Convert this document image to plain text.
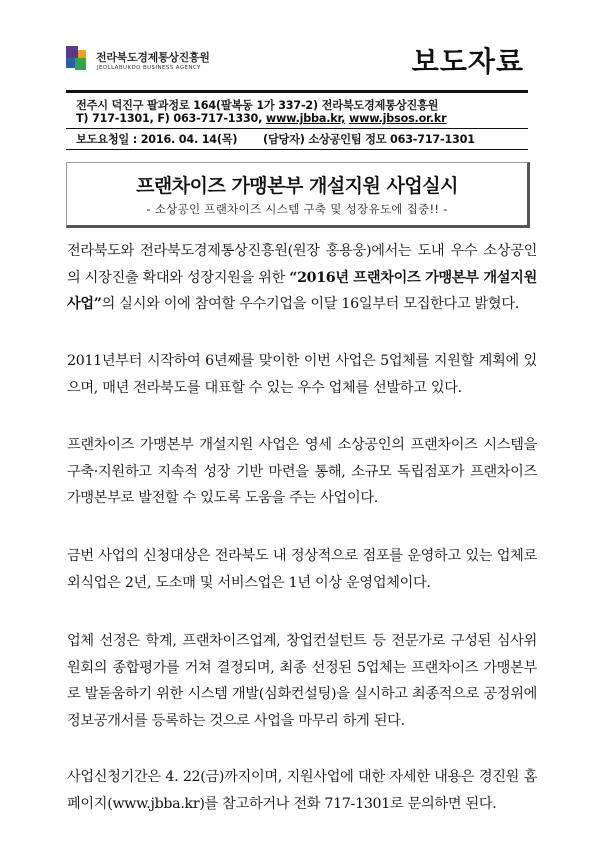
전라북도경제통상진흥원
JEOLLABUKDO BUSINESS AGENCY	보도자료
전주시 덕진구 팔과정로 164(팔복동 1가 337-2) 전라북도경제통상진흥원
T) 717-1301, F) 063-717-1330, www.jbba.kr, www.jbsos.or.kr
보도요청일 : 2016. 04. 14(목) (담당자) 소상공인팀 정모 063-717-1301
프랜차이즈 가맹본부 개설지원 사업실시
- 소상공인 프랜차이즈 시스템 구축 및 성장유도에 집중!! -
전라북도와 전라북도경제통상진흥원(원장 홍용웅)에서는 도내 우수 소상공인의 시장진출 확대와 성장지원을 위한 “2016년 프랜차이즈 가맹본부 개설지원 사업”의 실시와 이에 참여할 우수기업을 이달 16일부터 모집한다고 밝혔다.
2011년부터 시작하여 6년째를 맞이한 이번 사업은 5업체를 지원할 계획에 있으며, 매년 전라북도를 대표할 수 있는 우수 업체를 선발하고 있다.
프랜차이즈 가맹본부 개설지원 사업은 영세 소상공인의 프랜차이즈 시스템을 구축·지원하고 지속적 성장 기반 마련을 통해, 소규모 독립점포가 프랜차이즈 가맹본부로 발전할 수 있도록 도움을 주는 사업이다.
금번 사업의 신청대상은 전라북도 내 정상적으로 점포를 운영하고 있는 업체로 외식업은 2년, 도소매 및 서비스업은 1년 이상 운영업체이다.
업체 선정은 학계, 프랜차이즈업계, 창업컨설턴트 등 전문가로 구성된 심사위원회의 종합평가를 거쳐 결정되며, 최종 선정된 5업체는 프랜차이즈 가맹본부로 발돋움하기 위한 시스템 개발(심화컨설팅)을 실시하고 최종적으로 공정위에 정보공개서를 등록하는 것으로 사업을 마무리 하게 된다.
사업신청기간은 4. 22(금)까지이며, 지원사업에 대한 자세한 내용은 경진원 홈페이지(www.jbba.kr)를 참고하거나 전화 717-1301로 문의하면 된다.
